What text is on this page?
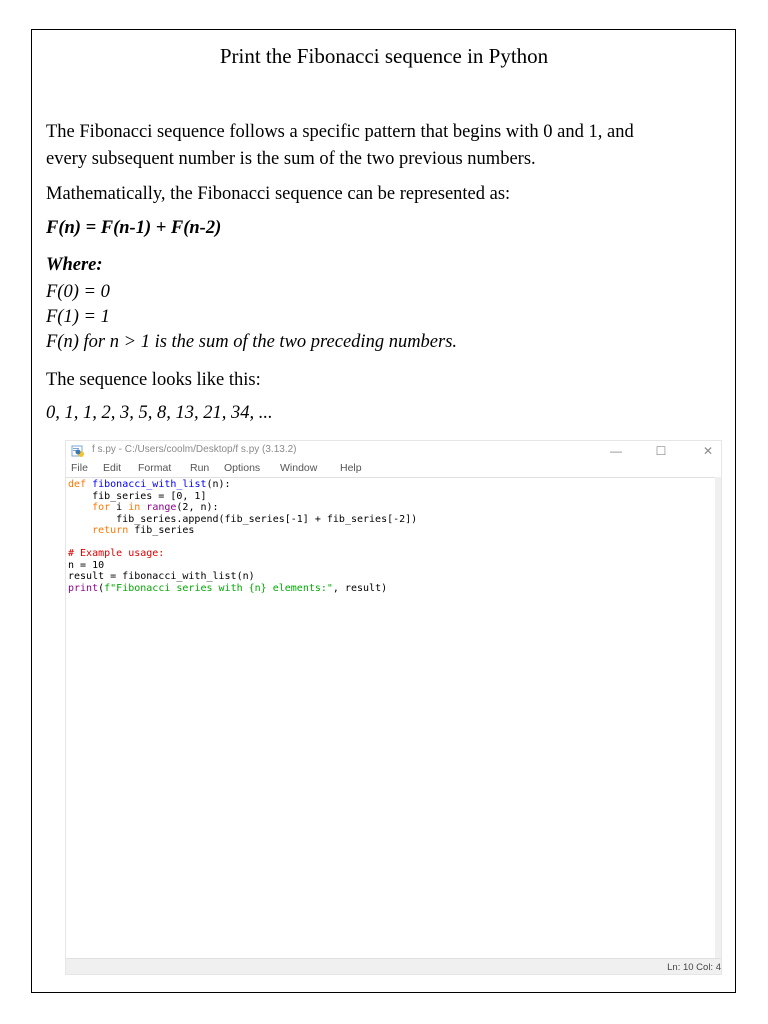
Print the Fibonacci sequence in Python
The Fibonacci sequence follows a specific pattern that begins with 0 and 1, and
every subsequent number is the sum of the two previous numbers.
Mathematically, the Fibonacci sequence can be represented as:
F(n) = F(n-1) + F(n-2)
Where:
F(0) = 0
F(1) = 1
F(n) for n > 1 is the sum of the two preceding numbers.
The sequence looks like this:
0, 1, 1, 2, 3, 5, 8, 13, 21, 34, ...
f s.py - C:/Users/coolm/Desktop/f s.py (3.13.2)	—	☐	✕
File Edit Format Run Options Window Help
def fibonacci_with_list(n):
fib_series = [0, 1]
for i in range(2, n):
fib_series.append(fib_series[-1] + fib_series[-2])
return fib_series

# Example usage:
n = 10
result = fibonacci_with_list(n)
print(f"Fibonacci series with {n} elements:", result)
Ln: 10 Col: 4
